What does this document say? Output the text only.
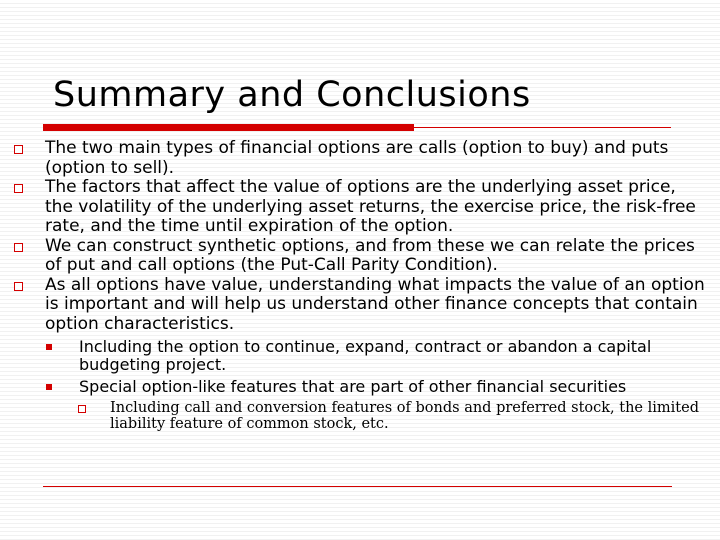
Summary and Conclusions
The two main types of financial options are calls (option to buy) and puts (option to sell).
The factors that affect the value of options are the underlying asset price, the volatility of the underlying asset returns, the exercise price, the risk-free rate, and the time until expiration of the option.
We can construct synthetic options, and from these we can relate the prices of put and call options (the Put-Call Parity Condition).
As all options have value, understanding what impacts the value of an option is important and will help us understand other finance concepts that contain option characteristics.
Including the option to continue, expand, contract or abandon a capital budgeting project.
Special option-like features that are part of other financial securities
Including call and conversion features of bonds and preferred stock, the limited liability feature of common stock, etc.
